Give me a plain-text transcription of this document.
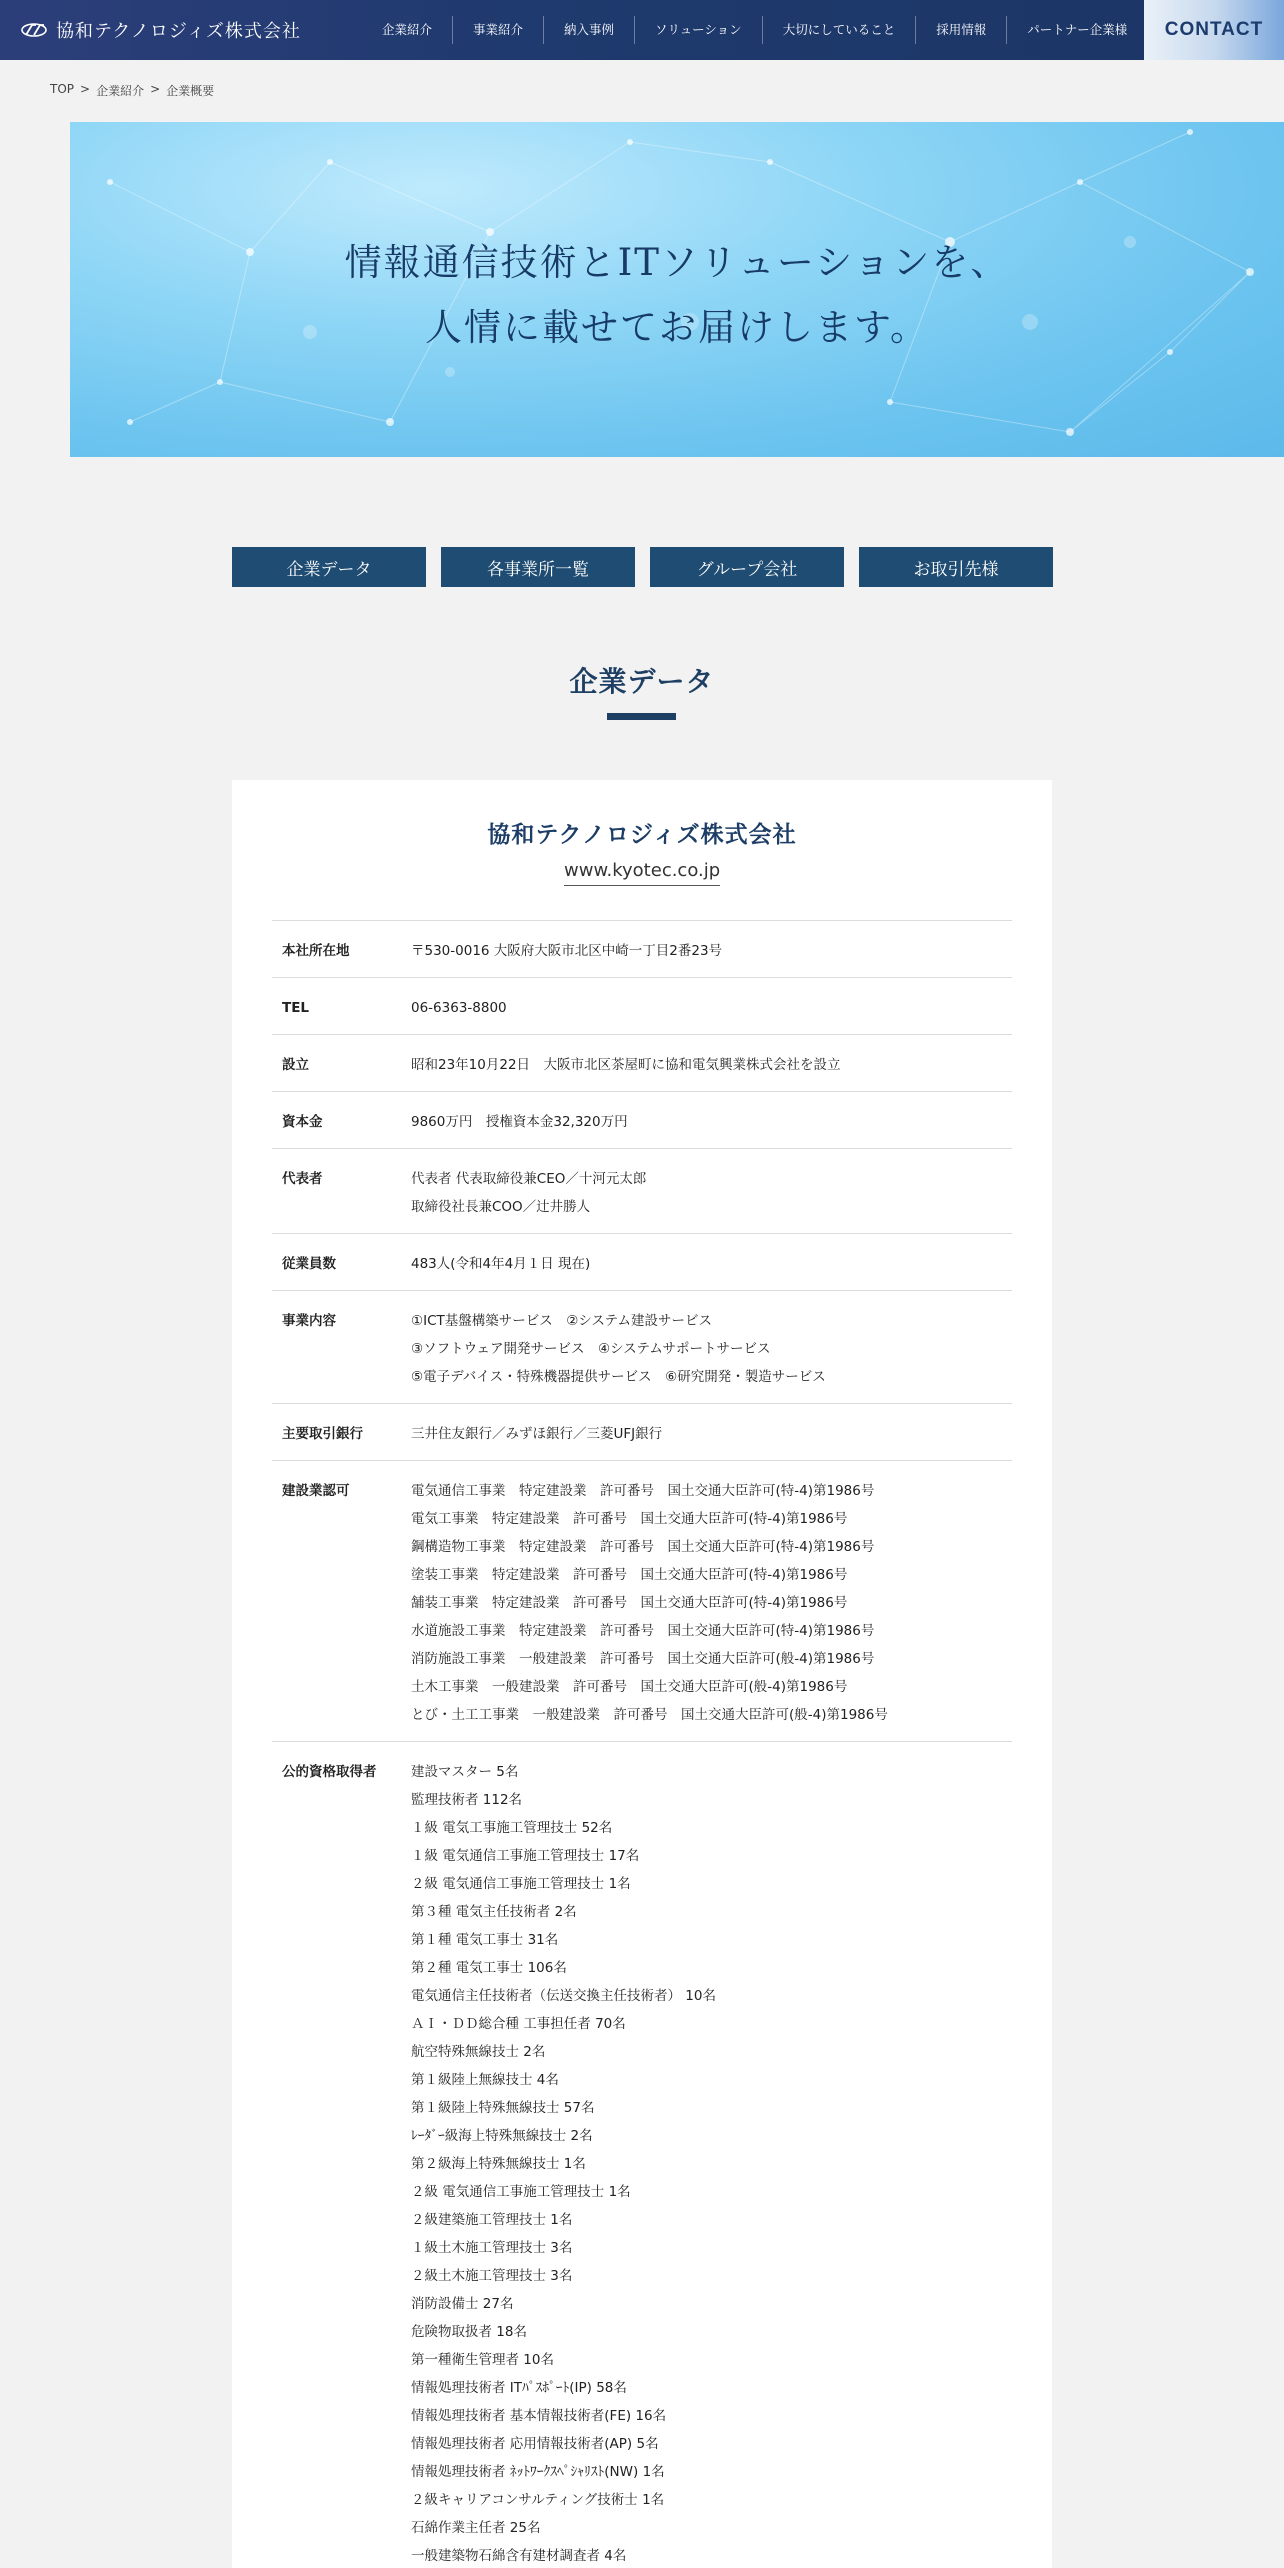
協和テクノロジィズ株式会社	企業紹介	事業紹介	納入事例	ソリューション	大切にしていること	採用情報	パートナー企業様	CONTACT
TOP > 企業紹介 > 企業概要
情報通信技術とITソリューションを、
人情に載せてお届けします。
企業データ	各事業所一覧	グループ会社	お取引先様
企業データ
協和テクノロジィズ株式会社
www.kyotec.co.jp
本社所在地	〒530-0016 大阪府大阪市北区中崎一丁目2番23号
TEL	06-6363-8800
設立	昭和23年10月22日　大阪市北区茶屋町に協和電気興業株式会社を設立
資本金	9860万円　授権資本金32,320万円
代表者	代表者 代表取締役兼CEO／十河元太郎
取締役社長兼COO／辻井勝人
従業員数	483人(令和4年4月１日 現在)
事業内容	①ICT基盤構築サービス　②システム建設サービス
③ソフトウェア開発サービス　④システムサポートサービス
⑤電子デバイス・特殊機器提供サービス　⑥研究開発・製造サービス
主要取引銀行	三井住友銀行／みずほ銀行／三菱UFJ銀行
建設業認可	電気通信工事業　特定建設業　許可番号　国土交通大臣許可(特-4)第1986号
電気工事業　特定建設業　許可番号　国土交通大臣許可(特-4)第1986号
鋼構造物工事業　特定建設業　許可番号　国土交通大臣許可(特-4)第1986号
塗装工事業　特定建設業　許可番号　国土交通大臣許可(特-4)第1986号
舗装工事業　特定建設業　許可番号　国土交通大臣許可(特-4)第1986号
水道施設工事業　特定建設業　許可番号　国土交通大臣許可(特-4)第1986号
消防施設工事業　一般建設業　許可番号　国土交通大臣許可(般-4)第1986号
土木工事業　一般建設業　許可番号　国土交通大臣許可(般-4)第1986号
とび・土工工事業　一般建設業　許可番号　国土交通大臣許可(般-4)第1986号
公的資格取得者	建設マスター 5名
監理技術者 112名
１級 電気工事施工管理技士 52名
１級 電気通信工事施工管理技士 17名
２級 電気通信工事施工管理技士 1名
第３種 電気主任技術者 2名
第１種 電気工事士 31名
第２種 電気工事士 106名
電気通信主任技術者（伝送交換主任技術者） 10名
ＡＩ・ＤＤ総合種 工事担任者 70名
航空特殊無線技士 2名
第１級陸上無線技士 4名
第１級陸上特殊無線技士 57名
ﾚｰﾀﾞｰ級海上特殊無線技士 2名
第２級海上特殊無線技士 1名
２級 電気通信工事施工管理技士 1名
２級建築施工管理技士 1名
１級土木施工管理技士 3名
２級土木施工管理技士 3名
消防設備士 27名
危険物取扱者 18名
第一種衛生管理者 10名
情報処理技術者 ITﾊﾟｽﾎﾟｰﾄ(IP) 58名
情報処理技術者 基本情報技術者(FE) 16名
情報処理技術者 応用情報技術者(AP) 5名
情報処理技術者 ﾈｯﾄﾜｰｸｽﾍﾟｼｬﾘｽﾄ(NW) 1名
２級キャリアコンサルティング技術士 1名
石綿作業主任者 25名
一般建築物石綿含有建材調査者 4名
